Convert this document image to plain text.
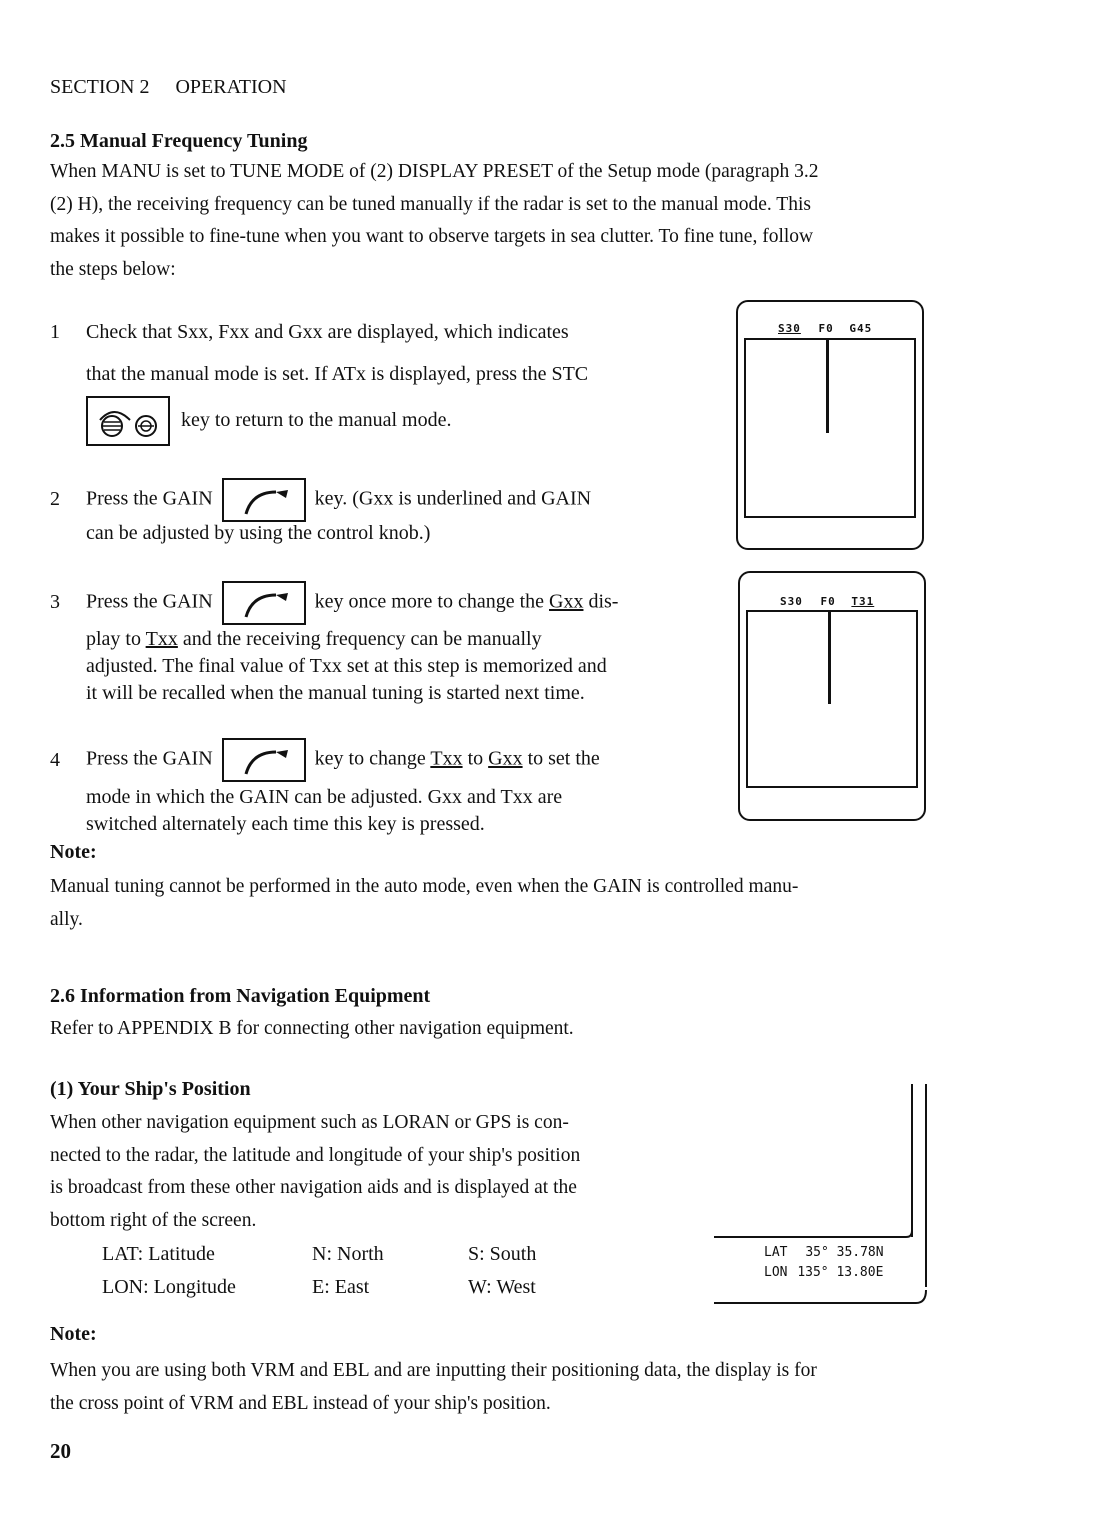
SECTION 2 OPERATION
2.5 Manual Frequency Tuning
When MANU is set to TUNE MODE of (2) DISPLAY PRESET of the Setup mode (paragraph 3.2
(2) H), the receiving frequency can be tuned manually if the radar is set to the manual mode. This
makes it possible to fine-tune when you want to observe targets in sea clutter. To fine tune, follow
the steps below:
1 Check that Sxx, Fxx and Gxx are displayed, which indicates
that the manual mode is set. If ATx is displayed, press the STC
key to return to the manual mode.
2 Press the GAIN	key. (Gxx is underlined and GAIN
can be adjusted by using the control knob.)
3 Press the GAIN	key once more to change the Gxx dis-
play to Txx and the receiving frequency can be manually
adjusted. The final value of Txx set at this step is memorized and
it will be recalled when the manual tuning is started next time.
4 Press the GAIN	key to change Txx to Gxx to set the
mode in which the GAIN can be adjusted. Gxx and Txx are
switched alternately each time this key is pressed.
Note:
Manual tuning cannot be performed in the auto mode, even when the GAIN is controlled manu-
ally.
S30 F0 G45
S30 F0 T31
2.6 Information from Navigation Equipment
Refer to APPENDIX B for connecting other navigation equipment.
(1) Your Ship's Position
When other navigation equipment such as LORAN or GPS is con-
nected to the radar, the latitude and longitude of your ship's position
is broadcast from these other navigation aids and is displayed at the
bottom right of the screen.
LAT: Latitude	N: North	S: South
LON: Longitude	E: East	W: West
LAT 35° 35.78N
LON 135° 13.80E
Note:
When you are using both VRM and EBL and are inputting their positioning data, the display is for
the cross point of VRM and EBL instead of your ship's position.
20
